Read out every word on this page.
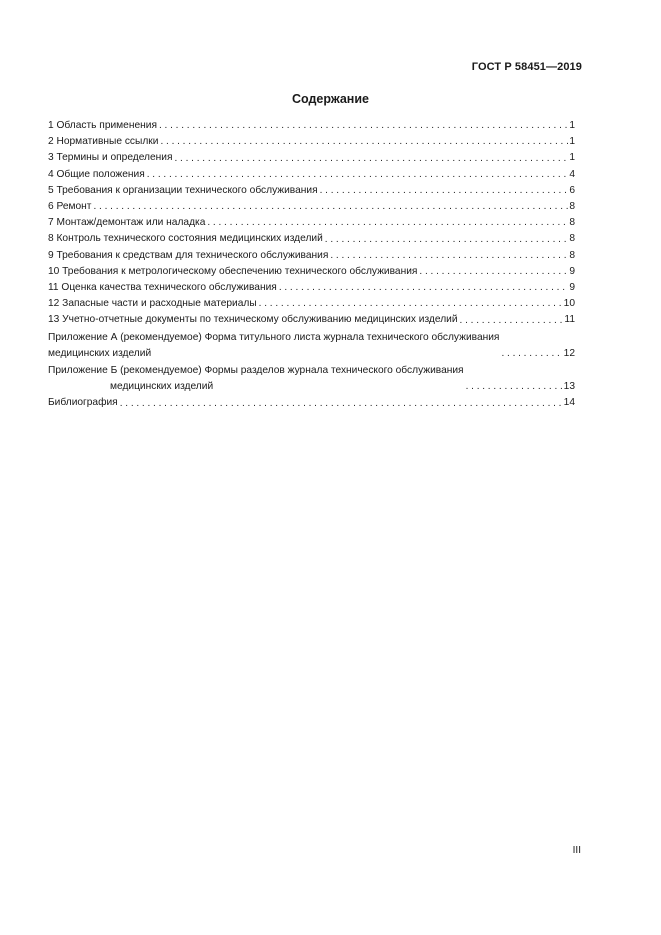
ГОСТ Р 58451—2019
Содержание
1 Область применения . . .	1
2 Нормативные ссылки . . .	1
3 Термины и определения . . .	1
4 Общие положения . . .	4
5 Требования к организации технического обслуживания . . .	6
6 Ремонт . . .	8
7 Монтаж/демонтаж или наладка . . .	8
8 Контроль технического состояния медицинских изделий . . .	8
9 Требования к средствам для технического обслуживания . . .	8
10 Требования к метрологическому обеспечению технического обслуживания . . .	9
11 Оценка качества технического обслуживания . . .	9
12 Запасные части и расходные материалы . . .	10
13 Учетно-отчетные документы по техническому обслуживанию медицинских изделий . . .	11
Приложение А (рекомендуемое) Форма титульного листа журнала технического обслуживания
медицинских изделий . . .	12
Приложение Б (рекомендуемое) Формы разделов журнала технического обслуживания
медицинских изделий . . .	13
Библиография . . .	14
III
